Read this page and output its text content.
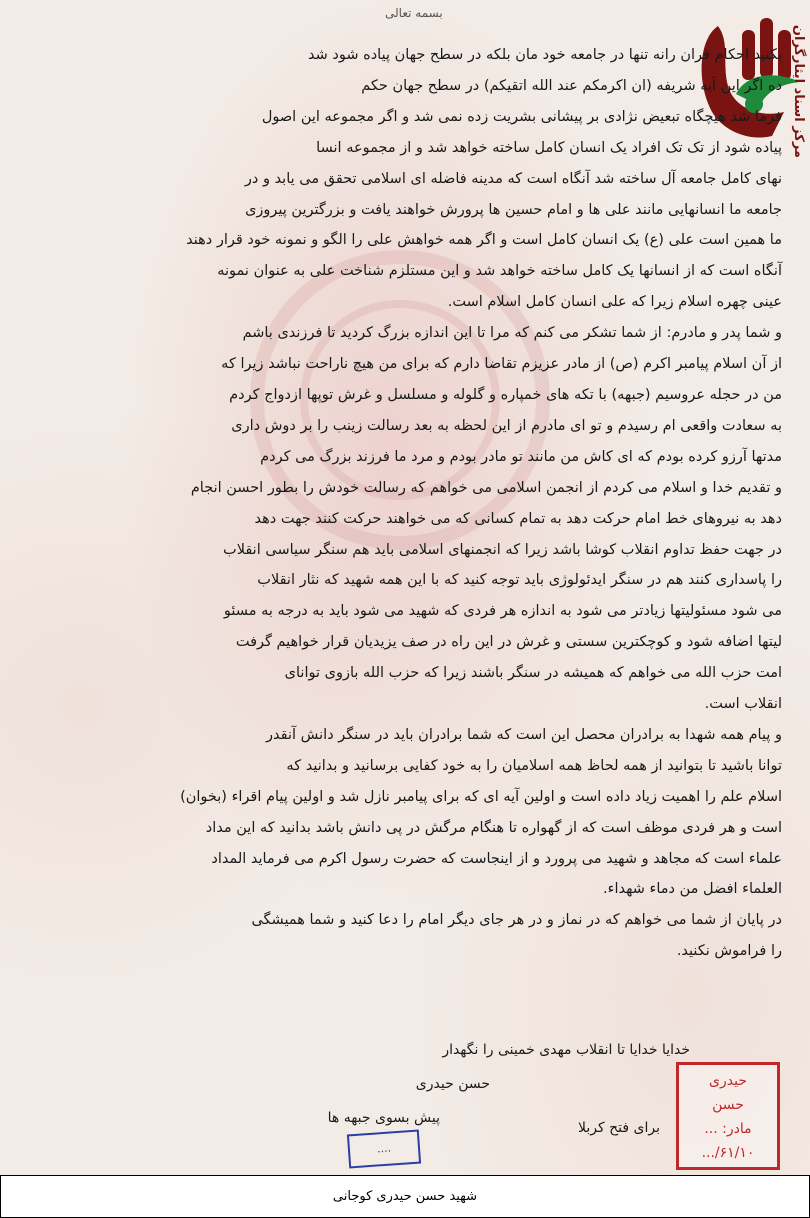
بسمه تعالی
مرکز اسناد ایثارگران

بکنید احکام قران رانه تنها در جامعه خود مان بلکه در سطح جهان پیاده شود شد

ده اگر این آیه شریفه (ان اکرمکم عند الله اتقیکم) در سطح جهان حکم

فرما شد هیچگاه تبعیض نژادی بر پیشانی بشریت زده نمی شد و اگر مجموعه این اصول

پیاده شود از تک تک افراد یک انسان کامل ساخته خواهد شد و از مجموعه انسا

نهای کامل جامعه آل ساخته شد آنگاه است که مدینه فاضله ای اسلامی تحقق می یابد و در

جامعه ما انسانهایی مانند علی ها و امام حسین ها پرورش خواهند یافت و بزرگترین پیروزی

ما همین است علی (ع) یک انسان کامل است و اگر همه خواهش علی را الگو و نمونه خود قرار دهند

آنگاه است که از انسانها یک کامل ساخته خواهد شد و این مستلزم شناخت علی به عنوان نمونه

عینی چهره اسلام زیرا که علی انسان کامل اسلام است.

و شما پدر و مادرم: از شما تشکر می کنم که مرا تا این اندازه بزرگ کردید تا فرزندی باشم

از آن اسلام پیامبر اکرم (ص) از مادر عزیزم تقاضا دارم که برای من هیچ ناراحت نباشد زیرا که

من در حجله عروسیم (جبهه) با تکه های خمپاره و گلوله و مسلسل و غرش توپها ازدواج کردم

به سعادت واقعی ام رسیدم و تو ای مادرم از این لحظه به بعد رسالت زینب را بر دوش داری

مدتها آرزو کرده بودم که ای کاش من مانند تو مادر بودم و مرد ما فرزند بزرگ می کردم

و تقدیم خدا و اسلام می کردم از انجمن اسلامی می خواهم که رسالت خودش را بطور احسن انجام

دهد به نیروهای خط امام حرکت دهد به تمام کسانی که می خواهند حرکت کنند جهت دهد

در جهت حفظ تداوم انقلاب کوشا باشد زیرا که انجمنهای اسلامی باید هم سنگر سیاسی انقلاب

را پاسداری کنند هم در سنگر ایدئولوژی باید توجه کنید که با این همه شهید که نثار انقلاب

می شود مسئولیتها زیادتر می شود به اندازه هر فردی که شهید می شود باید به درجه به مسئو

لیتها اضافه شود و کوچکترین سستی و غرش در این راه در صف یزیدیان قرار خواهیم گرفت

امت حزب الله می خواهم که همیشه در سنگر باشند زیرا که حزب الله بازوی توانای

انقلاب است.

و پیام همه شهدا به برادران محصل این است که شما برادران باید در سنگر دانش آنقدر

توانا باشید تا بتوانید از همه لحاظ همه اسلامیان را به خود کفایی برسانید و بدانید که

اسلام علم را اهمیت زیاد داده است و اولین آیه ای که برای پیامبر نازل شد و اولین پیام اقراء (بخوان)

است و هر فردی موظف است که از گهواره تا هنگام مرگش در پی دانش باشد بدانید که این مداد

علماء است که مجاهد و شهید می پرورد و از اینجاست که حضرت رسول اکرم می فرماید المداد

العلماء افضل من دماء شهداء.

در پایان از شما می خواهم که در نماز و در هر جای دیگر امام را دعا کنید و شما همیشگی

را فراموش نکنید.

خدایا خدایا تا انقلاب مهدی خمینی را نگهدار
حسن حیدری
پیش بسوی جبهه ها
برای فتح کربلا
حیدری
حسن
مادر: ...
۶۱/۱۰/...
....
شهید حسن حیدری کوجانی
